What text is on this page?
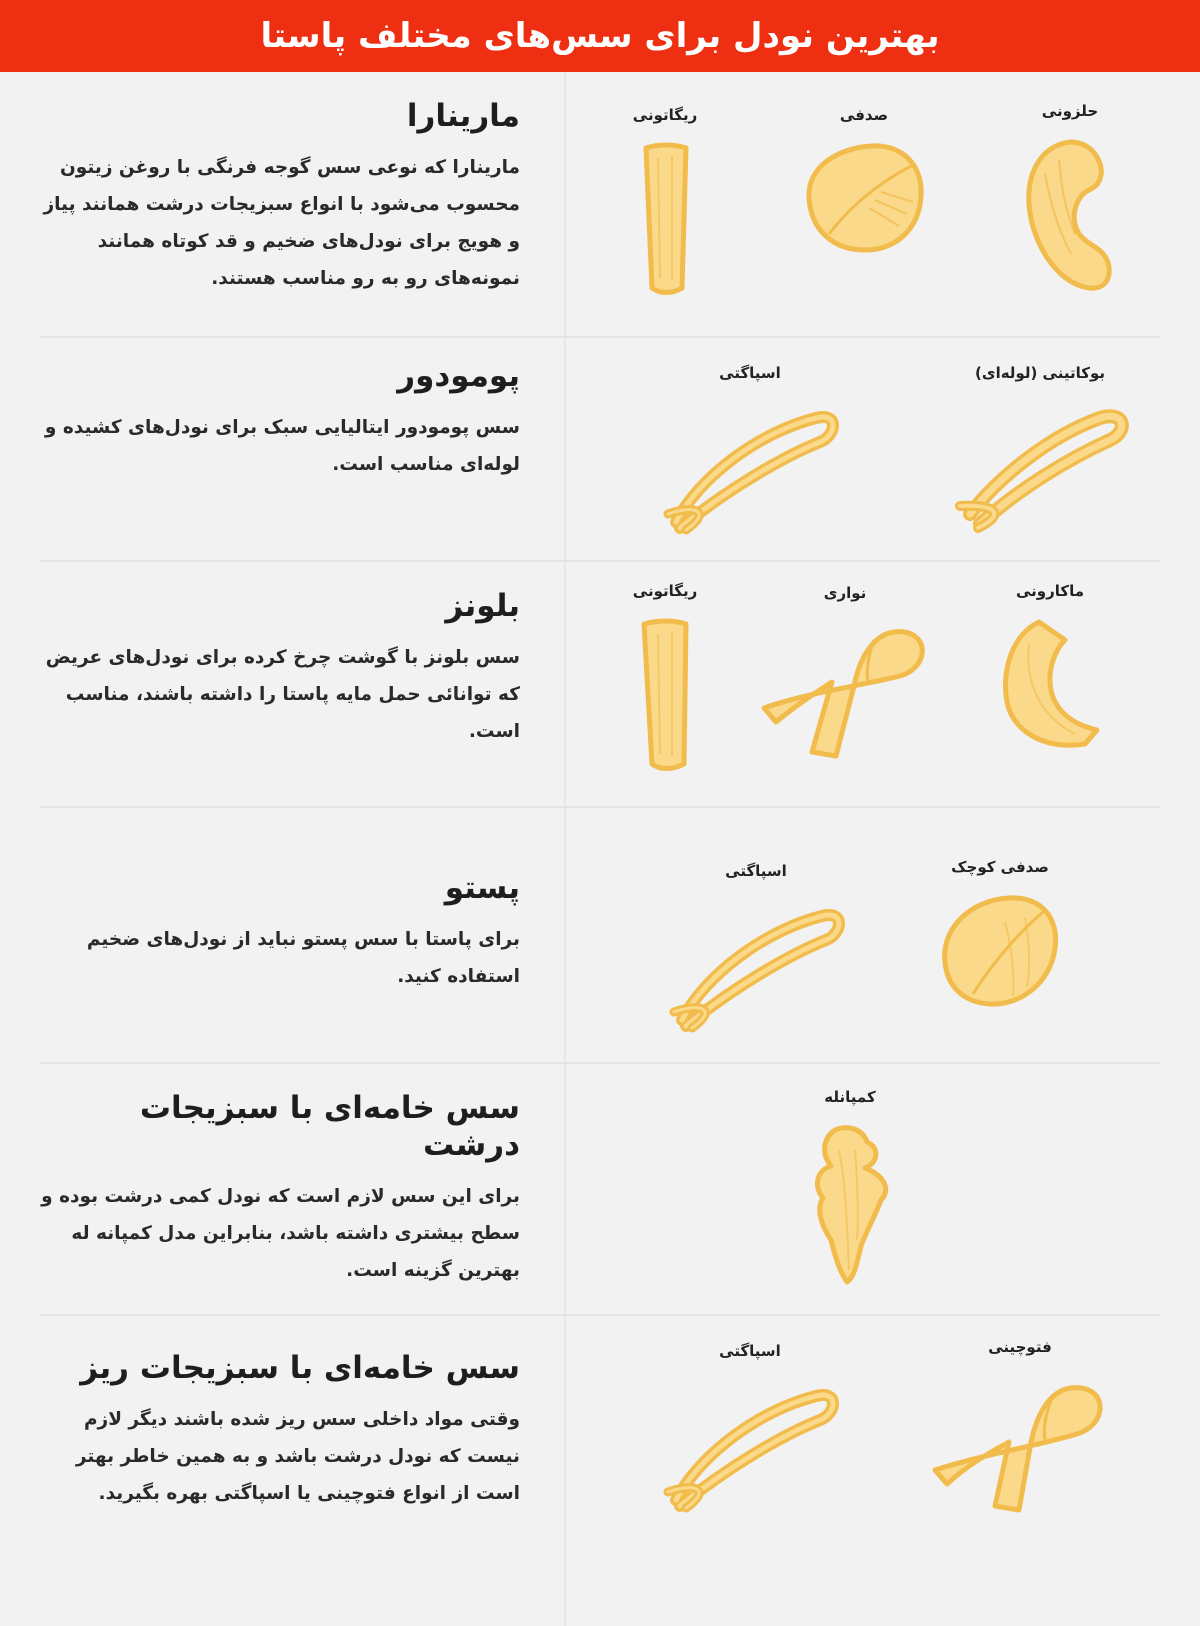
بهترین نودل برای سس‌های مختلف پاستا
مارینارا
مارینارا که نوعی سس گوجه فرنگی با روغن زیتون محسوب می‌شود با انواع سبزیجات درشت همانند پیاز و هویج برای نودل‌های ضخیم و قد کوتاه همانند نمونه‌های رو به رو مناسب هستند.
حلزونی
صدفی
ریگاتونی
پومودور
سس پومودور ایتالیایی سبک برای نودل‌های کشیده و لوله‌ای مناسب است.
بوکاتینی (لوله‌ای)
اسپاگتی
بلونز
سس بلونز با گوشت چرخ کرده برای نودل‌های عریض که توانائی حمل مایه پاستا را داشته باشند، مناسب است.
ماکارونی
نواری
ریگاتونی
پستو
برای پاستا با سس پستو نباید از نودل‌های ضخیم استفاده کنید.
صدفی کوچک
اسپاگتی
سس خامه‌ای با سبزیجات درشت
برای این سس لازم است که نودل کمی درشت بوده و سطح بیشتری داشته باشد، بنابراین مدل کمپانه له بهترین گزینه است.
کمپانله
سس خامه‌ای با سبزیجات ریز
وقتی مواد داخلی سس ریز شده باشند دیگر لازم نیست که نودل درشت باشد و به همین خاطر بهتر است از انواع فتوچینی یا اسپاگتی بهره بگیرید.
فتوچینی
اسپاگتی
